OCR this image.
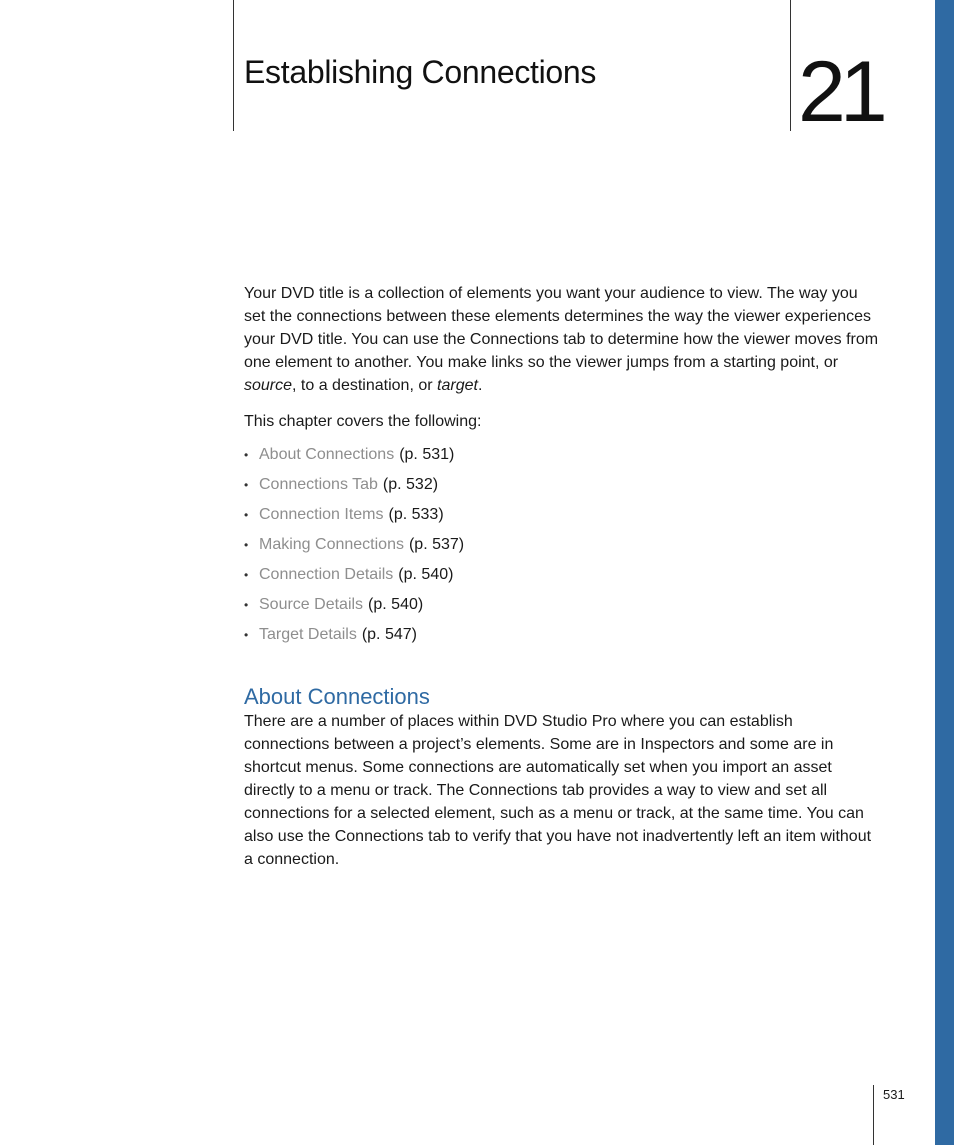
Establishing Connections 21

Your DVD title is a collection of elements you want your audience to view. The way you set the connections between these elements determines the way the viewer experiences your DVD title. You can use the Connections tab to determine how the viewer moves from one element to another. You make links so the viewer jumps from a starting point, or source, to a destination, or target.

This chapter covers the following:

• About Connections (p. 531)
• Connections Tab (p. 532)
• Connection Items (p. 533)
• Making Connections (p. 537)
• Connection Details (p. 540)
• Source Details (p. 540)
• Target Details (p. 547)
About Connections

There are a number of places within DVD Studio Pro where you can establish connections between a project’s elements. Some are in Inspectors and some are in shortcut menus. Some connections are automatically set when you import an asset directly to a menu or track. The Connections tab provides a way to view and set all connections for a selected element, such as a menu or track, at the same time. You can also use the Connections tab to verify that you have not inadvertently left an item without a connection.

531
